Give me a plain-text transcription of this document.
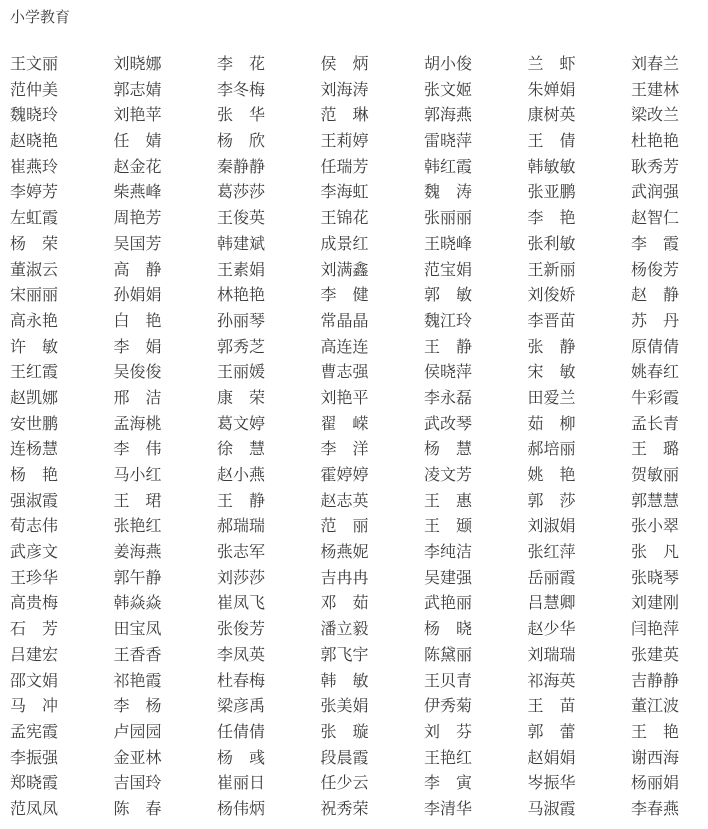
小学教育
王文丽	刘晓娜	李花	侯炳	胡小俊	兰虾	刘春兰
范仲美	郭志婧	李冬梅	刘海涛	张文姬	朱婵娟	王建林
魏晓玲	刘艳苹	张华	范琳	郭海燕	康树英	梁改兰
赵晓艳	任婧	杨欣	王莉婷	雷晓萍	王倩	杜艳艳
崔燕玲	赵金花	秦静静	任瑞芳	韩红霞	韩敏敏	耿秀芳
李婷芳	柴燕峰	葛莎莎	李海虹	魏涛	张亚鹏	武润强
左虹霞	周艳芳	王俊英	王锦花	张丽丽	李艳	赵智仁
杨荣	吴国芳	韩建斌	成景红	王晓峰	张利敏	李霞
董淑云	高静	王素娟	刘满鑫	范宝娟	王新丽	杨俊芳
宋丽丽	孙娟娟	林艳艳	李健	郭敏	刘俊娇	赵静
高永艳	白艳	孙丽琴	常晶晶	魏江玲	李晋苗	苏丹
许敏	李娟	郭秀芝	高连连	王静	张静	原倩倩
王红霞	吴俊俊	王丽媛	曹志强	侯晓萍	宋敏	姚春红
赵凯娜	邢洁	康荣	刘艳平	李永磊	田爱兰	牛彩霞
安世鹏	孟海桃	葛文婷	翟嵘	武改琴	茹柳	孟长青
连杨慧	李伟	徐慧	李洋	杨慧	郝培丽	王璐
杨艳	马小红	赵小燕	霍婷婷	凌文芳	姚艳	贺敏丽
强淑霞	王珺	王静	赵志英	王惠	郭莎	郭慧慧
荀志伟	张艳红	郝瑞瑞	范丽	王颋	刘淑娟	张小翠
武彦文	姜海燕	张志军	杨燕妮	李纯洁	张红萍	张凡
王珍华	郭午静	刘莎莎	吉冉冉	吴建强	岳丽霞	张晓琴
高贵梅	韩焱焱	崔凤飞	邓茹	武艳丽	吕慧卿	刘建刚
石芳	田宝凤	张俊芳	潘立毅	杨晓	赵少华	闫艳萍
吕建宏	王香香	李凤英	郭飞宇	陈黛丽	刘瑞瑞	张建英
邵文娟	祁艳霞	杜春梅	韩敏	王贝青	祁海英	吉静静
马冲	李杨	梁彦禹	张美娟	伊秀菊	王苗	董江波
孟宪霞	卢园园	任倩倩	张璇	刘芬	郭蕾	王艳
李振强	金亚林	杨彧	段晨霞	王艳红	赵娟娟	谢西海
郑晓霞	吉国玲	崔丽日	任少云	李寅	岑振华	杨丽娟
范凤凤	陈春	杨伟炳	祝秀荣	李清华	马淑霞	李春燕
